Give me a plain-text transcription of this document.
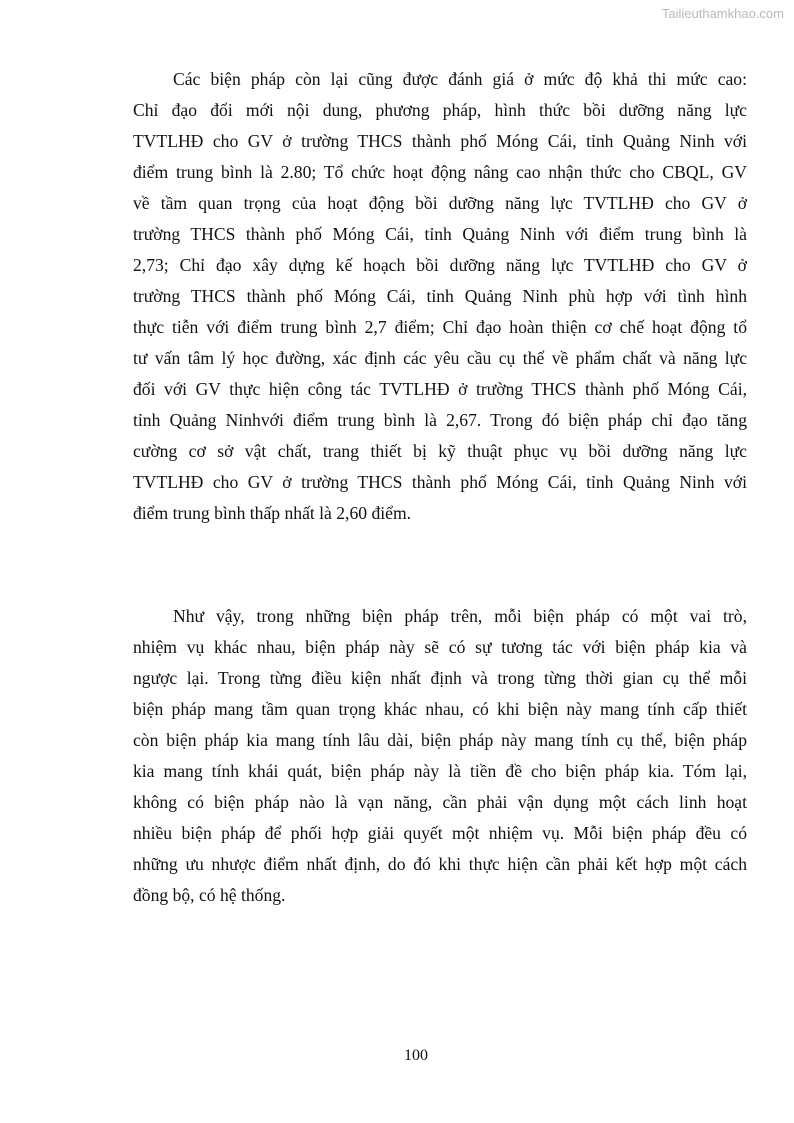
Tailieuthamkhao.com
Các biện pháp còn lại cũng được đánh giá ở mức độ khả thi mức cao:
Chỉ đạo đổi mới nội dung, phương pháp, hình thức bồi dưỡng năng lực
TVTLHĐ cho GV ở trường THCS thành phố Móng Cái, tỉnh Quảng Ninh với
điểm trung bình là 2.80; Tổ chức hoạt động nâng cao nhận thức cho CBQL, GV
về tầm quan trọng của hoạt động bồi dưỡng năng lực TVTLHĐ cho GV ở
trường THCS thành phố Móng Cái, tỉnh Quảng Ninh với điểm trung bình là
2,73; Chỉ đạo xây dựng kế hoạch bồi dưỡng năng lực TVTLHĐ cho GV ở
trường THCS thành phố Móng Cái, tỉnh Quảng Ninh phù hợp với tình hình
thực tiễn với điểm trung bình 2,7 điểm; Chỉ đạo hoàn thiện cơ chế hoạt động tổ
tư vấn tâm lý học đường, xác định các yêu cầu cụ thể về phẩm chất và năng lực
đối với GV thực hiện công tác TVTLHĐ ở trường THCS thành phố Móng Cái,
tỉnh Quảng Ninhvới điểm trung bình là 2,67. Trong đó biện pháp chỉ đạo tăng
cường cơ sở vật chất, trang thiết bị kỹ thuật phục vụ bồi dưỡng năng lực
TVTLHĐ cho GV ở trường THCS thành phố Móng Cái, tỉnh Quảng Ninh với
điểm trung bình thấp nhất là 2,60 điểm.
Như vậy, trong những biện pháp trên, mỗi biện pháp có một vai trò,
nhiệm vụ khác nhau, biện pháp này sẽ có sự tương tác với biện pháp kia và
ngược lại. Trong từng điều kiện nhất định và trong từng thời gian cụ thể mỗi
biện pháp mang tầm quan trọng khác nhau, có khi biện này mang tính cấp thiết
còn biện pháp kia mang tính lâu dài, biện pháp này mang tính cụ thể, biện pháp
kia mang tính khái quát, biện pháp này là tiền đề cho biện pháp kia. Tóm lại,
không có biện pháp nào là vạn năng, cần phải vận dụng một cách linh hoạt
nhiều biện pháp để phối hợp giải quyết một nhiệm vụ. Mỗi biện pháp đều có
những ưu nhược điểm nhất định, do đó khi thực hiện cần phải kết hợp một cách
đồng bộ, có hệ thống.
100
